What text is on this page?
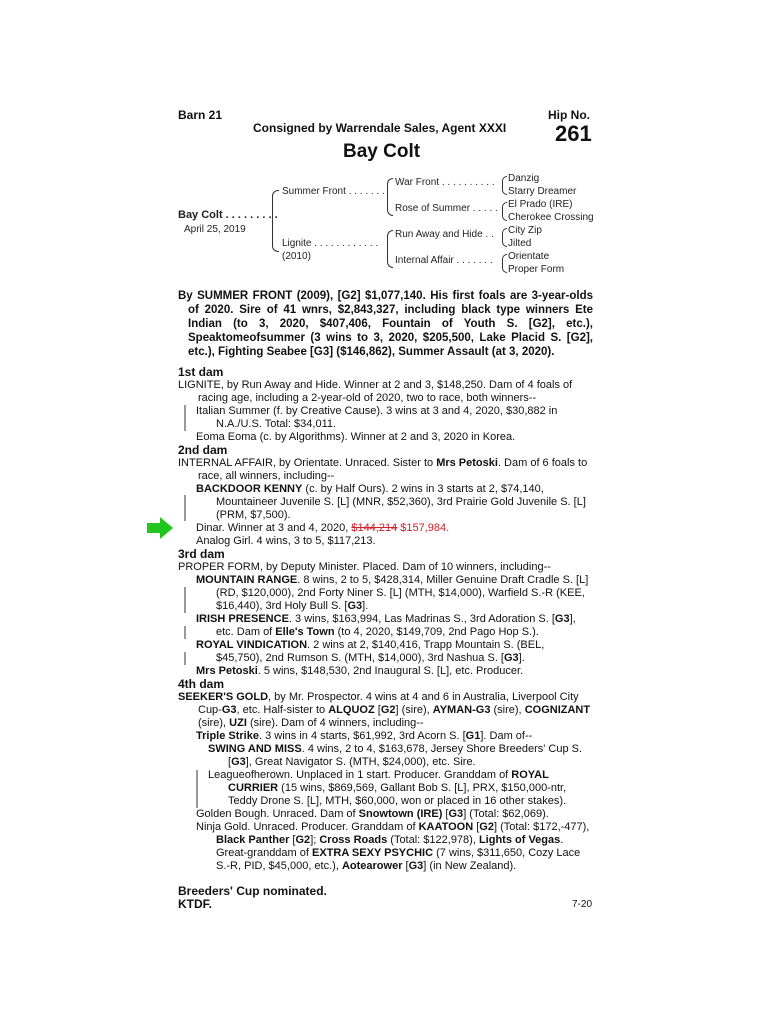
Barn 21	Hip No.
Consigned by Warrendale Sales, Agent XXXI 261
Bay Colt
Bay Colt . . . . . . . . .
April 25, 2019
Summer Front . . . . . . .
Lignite . . . . . . . . . . . .
(2010)
War Front . . . . . . . . . .
Rose of Summer . . . . .
Run Away and Hide . .
Internal Affair . . . . . . .
Danzig
Starry Dreamer
El Prado (IRE)
Cherokee Crossing
City Zip
Jilted
Orientate
Proper Form

By SUMMER FRONT (2009), [G2] $1,077,140. His first foals are 3-year-olds of 2020. Sire of 41 wnrs, $2,843,327, including black type winners Ete Indian (to 3, 2020, $407,406, Fountain of Youth S. [G2], etc.), Speaktomeofsummer (3 wins to 3, 2020, $205,500, Lake Placid S. [G2], etc.), Fighting Seabee [G3] ($146,862), Summer Assault (at 3, 2020).

1st dam

LIGNITE, by Run Away and Hide. Winner at 2 and 3, $148,250. Dam of 4 foals of racing age, including a 2-year-old of 2020, two to race, both winners--

Italian Summer (f. by Creative Cause). 3 wins at 3 and 4, 2020, $30,882 in N.A./U.S. Total: $34,011.

Eoma Eoma (c. by Algorithms). Winner at 2 and 3, 2020 in Korea.

2nd dam

INTERNAL AFFAIR, by Orientate. Unraced. Sister to Mrs Petoski. Dam of 6 foals to race, all winners, including--

BACKDOOR KENNY (c. by Half Ours). 2 wins in 3 starts at 2, $74,140, Mountaineer Juvenile S. [L] (MNR, $52,360), 3rd Prairie Gold Juvenile S. [L] (PRM, $7,500).

Dinar. Winner at 3 and 4, 2020, $144,214 $157,984.

Analog Girl. 4 wins, 3 to 5, $117,213.

3rd dam

PROPER FORM, by Deputy Minister. Placed. Dam of 10 winners, including--

MOUNTAIN RANGE. 8 wins, 2 to 5, $428,314, Miller Genuine Draft Cradle S. [L] (RD, $120,000), 2nd Forty Niner S. [L] (MTH, $14,000), Warfield S.-R (KEE, $16,440), 3rd Holy Bull S. [G3].

IRISH PRESENCE. 3 wins, $163,994, Las Madrinas S., 3rd Adoration S. [G3], etc. Dam of Elle's Town (to 4, 2020, $149,709, 2nd Pago Hop S.).

ROYAL VINDICATION. 2 wins at 2, $140,416, Trapp Mountain S. (BEL, $45,750), 2nd Rumson S. (MTH, $14,000), 3rd Nashua S. [G3].

Mrs Petoski. 5 wins, $148,530, 2nd Inaugural S. [L], etc. Producer.

4th dam

SEEKER'S GOLD, by Mr. Prospector. 4 wins at 4 and 6 in Australia, Liverpool City Cup-G3, etc. Half-sister to ALQUOZ [G2] (sire), AYMAN-G3 (sire), COGNIZANT (sire), UZI (sire). Dam of 4 winners, including--

Triple Strike. 3 wins in 4 starts, $61,992, 3rd Acorn S. [G1]. Dam of--

SWING AND MISS. 4 wins, 2 to 4, $163,678, Jersey Shore Breeders' Cup S. [G3], Great Navigator S. (MTH, $24,000), etc. Sire.

Leagueofherown. Unplaced in 1 start. Producer. Granddam of ROYAL CURRIER (15 wins, $869,569, Gallant Bob S. [L], PRX, $150,000-ntr, Teddy Drone S. [L], MTH, $60,000, won or placed in 16 other stakes).

Golden Bough. Unraced. Dam of Snowtown (IRE) [G3] (Total: $62,069).

Ninja Gold. Unraced. Producer. Granddam of KAATOON [G2] (Total: $172,-477), Black Panther [G2]; Cross Roads (Total: $122,978), Lights of Vegas. Great-granddam of EXTRA SEXY PSYCHIC (7 wins, $311,650, Cozy Lace S.-R, PID, $45,000, etc.), Aotearower [G3] (in New Zealand).

Breeders' Cup nominated.
KTDF.	7-20
